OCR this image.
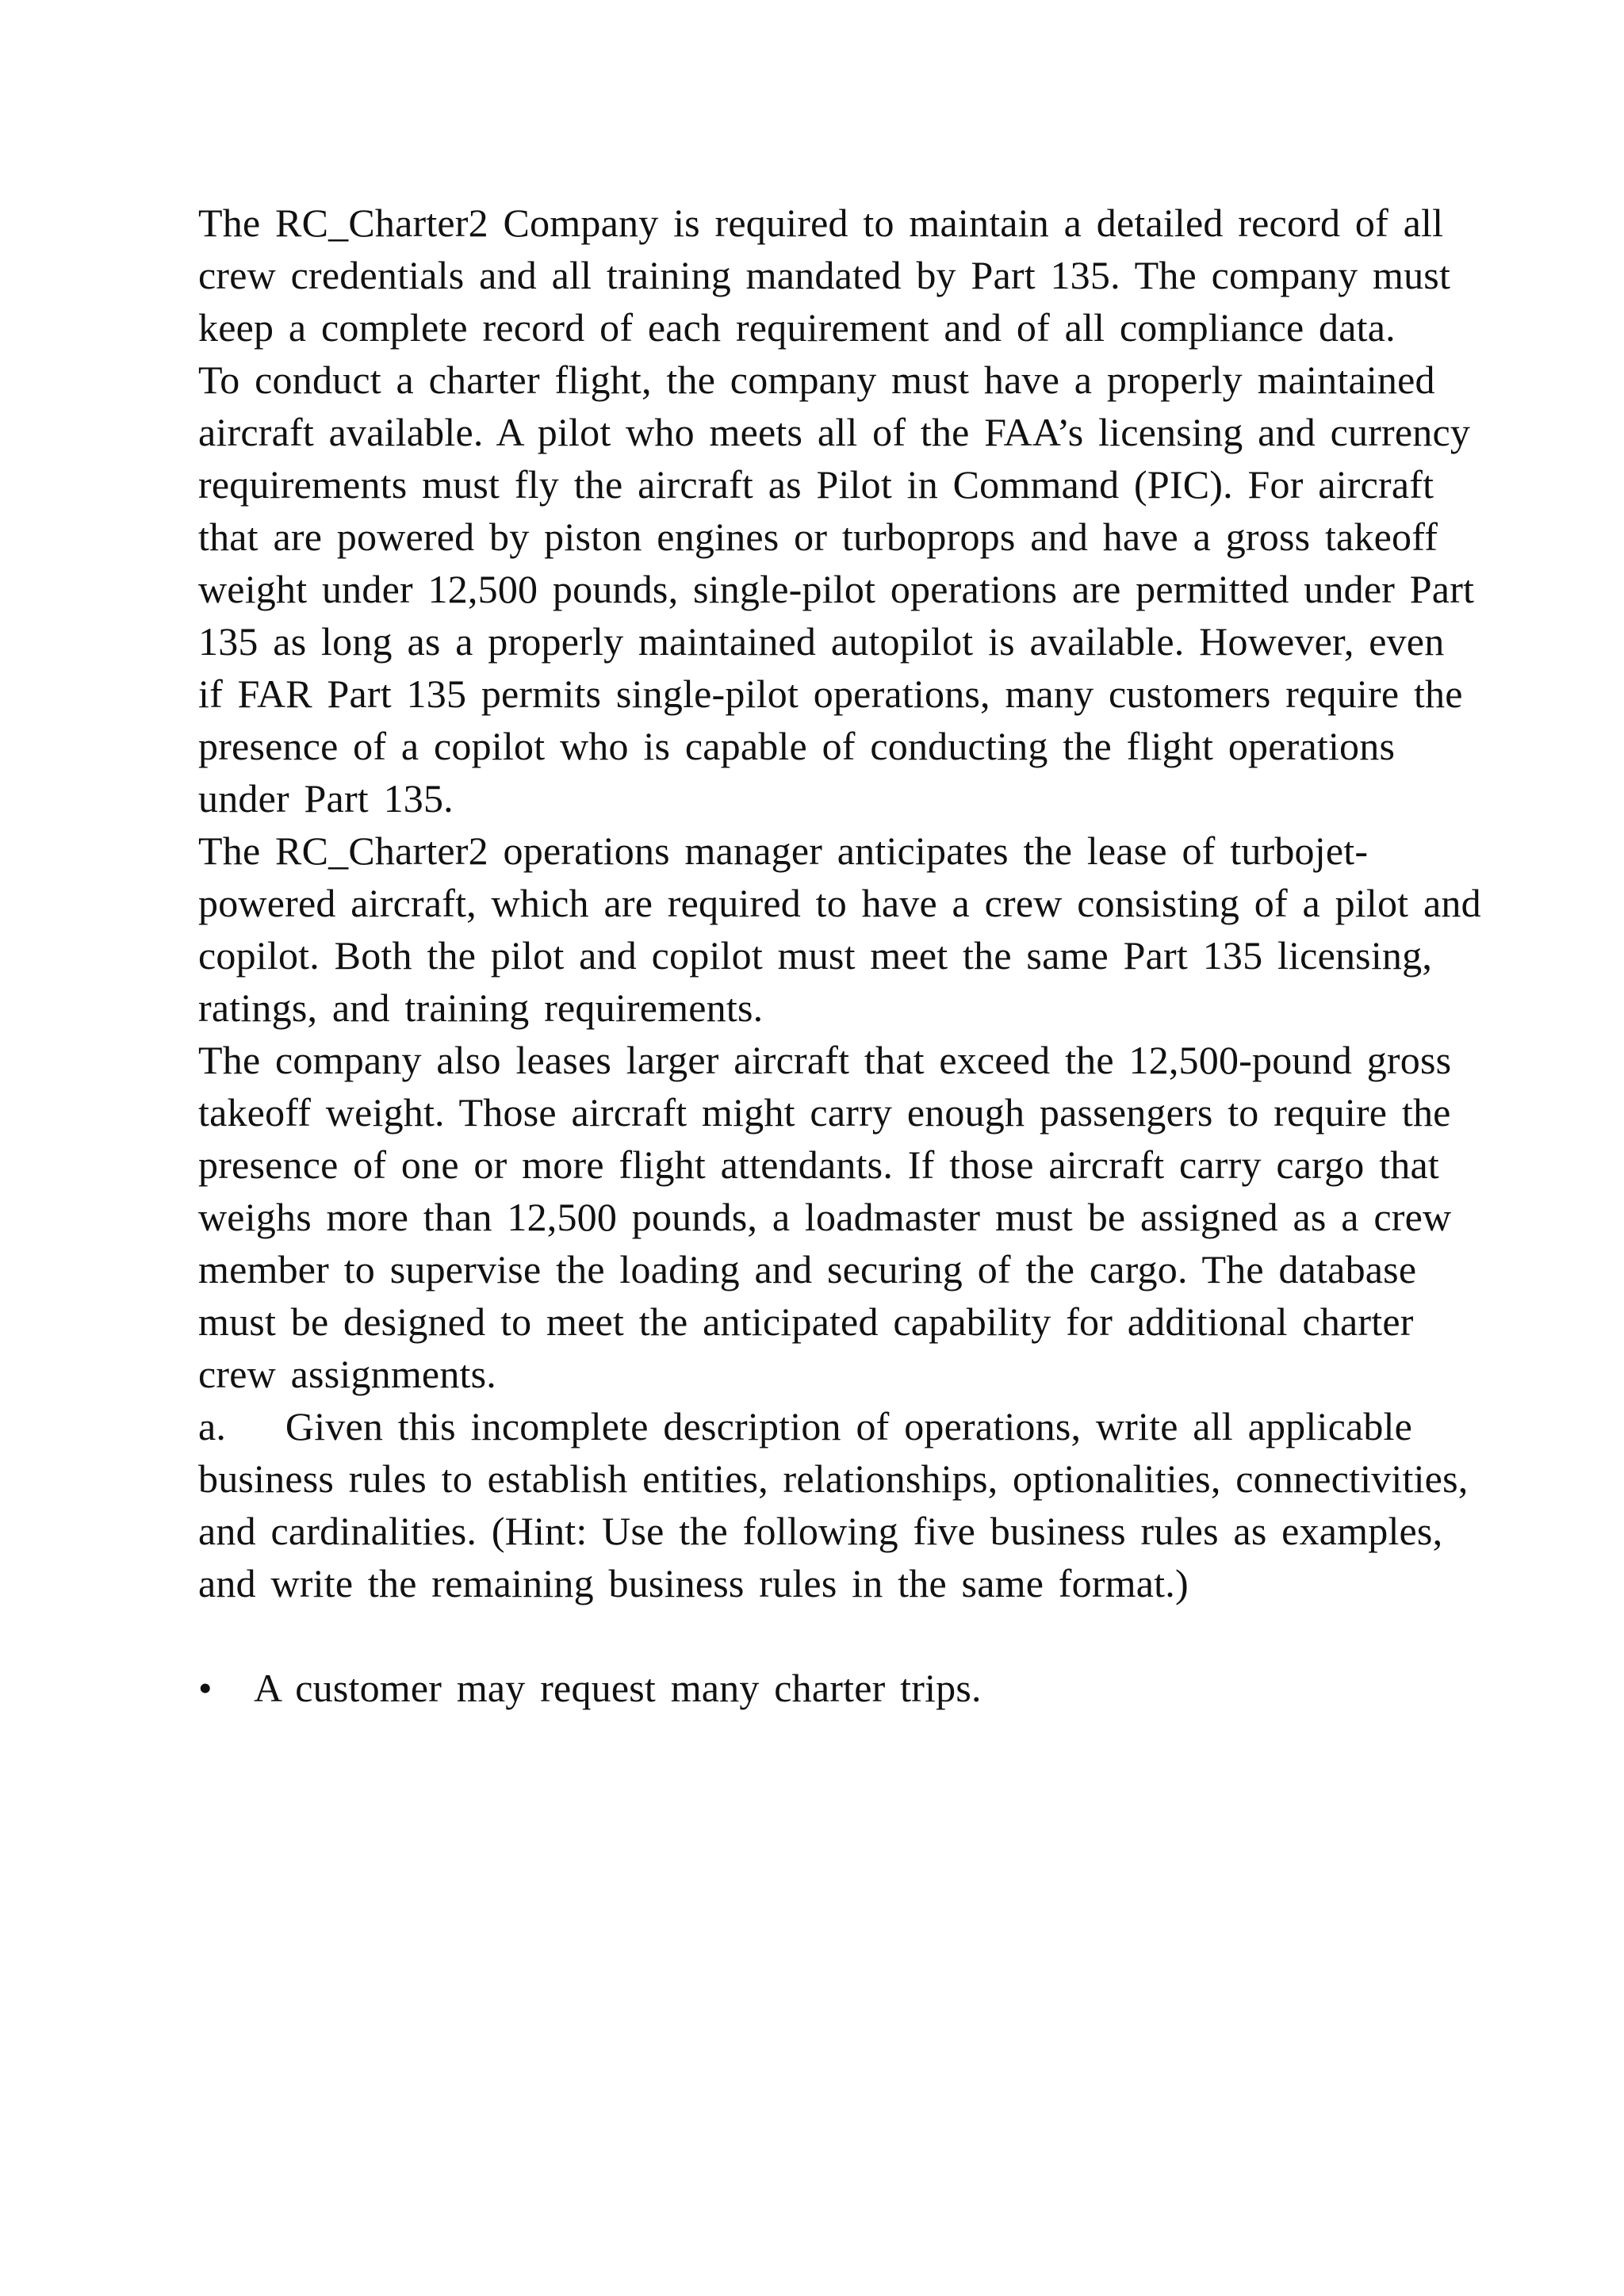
The RC_Charter2 Company is required to maintain a detailed record of all crew credentials and all training mandated by Part 135. The company must keep a complete record of each requirement and of all compliance data.

To conduct a charter flight, the company must have a properly maintained aircraft available. A pilot who meets all of the FAA’s licensing and currency requirements must fly the aircraft as Pilot in Command (PIC). For aircraft that are powered by piston engines or turboprops and have a gross takeoff weight under 12,500 pounds, single-pilot operations are permitted under Part 135 as long as a properly maintained autopilot is available. However, even if FAR Part 135 permits single-pilot operations, many customers require the presence of a copilot who is capable of conducting the flight operations under Part 135.

The RC_Charter2 operations manager anticipates the lease of turbojet-powered aircraft, which are required to have a crew consisting of a pilot and copilot. Both the pilot and copilot must meet the same Part 135 licensing, ratings, and training requirements.

The company also leases larger aircraft that exceed the 12,500-pound gross takeoff weight. Those aircraft might carry enough passengers to require the presence of one or more flight attendants. If those aircraft carry cargo that weighs more than 12,500 pounds, a loadmaster must be assigned as a crew member to supervise the loading and securing of the cargo. The database must be designed to meet the anticipated capability for additional charter crew assignments.

a. Given this incomplete description of operations, write all applicable business rules to establish entities, relationships, optionalities, connectivities, and cardinalities. (Hint: Use the following five business rules as examples, and write the remaining business rules in the same format.)

•	A customer may request many charter trips.
